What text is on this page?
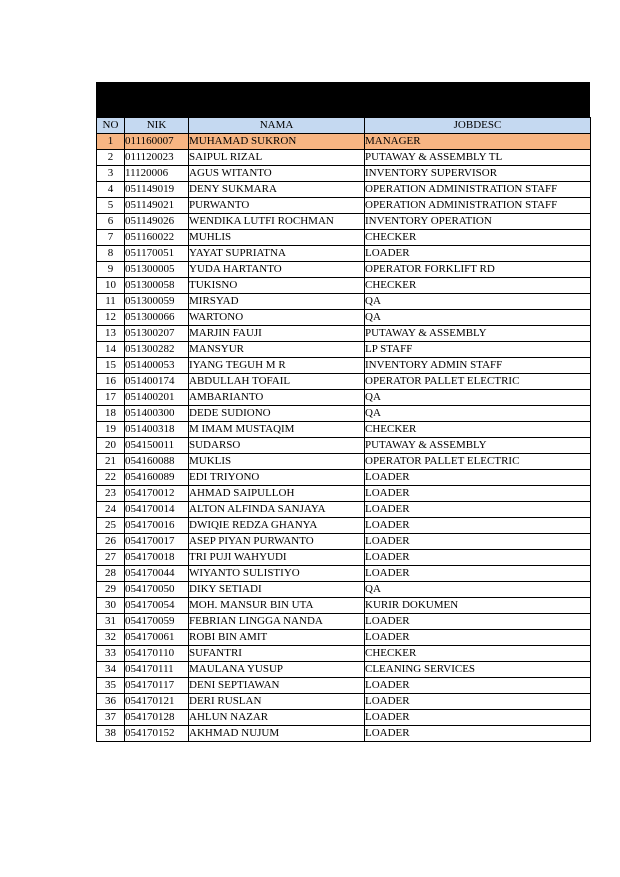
NO	NIK	NAMA	JOBDESC
1	011160007	MUHAMAD SUKRON	MANAGER
2	011120023	SAIPUL RIZAL	PUTAWAY & ASSEMBLY TL
3	11120006	AGUS WITANTO	INVENTORY SUPERVISOR
4	051149019	DENY SUKMARA	OPERATION ADMINISTRATION STAFF
5	051149021	PURWANTO	OPERATION ADMINISTRATION STAFF
6	051149026	WENDIKA LUTFI ROCHMAN	INVENTORY OPERATION
7	051160022	MUHLIS	CHECKER
8	051170051	YAYAT SUPRIATNA	LOADER
9	051300005	YUDA HARTANTO	OPERATOR FORKLIFT RD
10	051300058	TUKISNO	CHECKER
11	051300059	MIRSYAD	QA
12	051300066	WARTONO	QA
13	051300207	MARJIN FAUJI	PUTAWAY & ASSEMBLY
14	051300282	MANSYUR	LP STAFF
15	051400053	IYANG TEGUH M R	INVENTORY ADMIN STAFF
16	051400174	ABDULLAH TOFAIL	OPERATOR PALLET ELECTRIC
17	051400201	AMBARIANTO	QA
18	051400300	DEDE SUDIONO	QA
19	051400318	M IMAM MUSTAQIM	CHECKER
20	054150011	SUDARSO	PUTAWAY & ASSEMBLY
21	054160088	MUKLIS	OPERATOR PALLET ELECTRIC
22	054160089	EDI TRIYONO	LOADER
23	054170012	AHMAD SAIPULLOH	LOADER
24	054170014	ALTON ALFINDA SANJAYA	LOADER
25	054170016	DWIQIE REDZA GHANYA	LOADER
26	054170017	ASEP PIYAN PURWANTO	LOADER
27	054170018	TRI PUJI WAHYUDI	LOADER
28	054170044	WIYANTO SULISTIYO	LOADER
29	054170050	DIKY SETIADI	QA
30	054170054	MOH. MANSUR BIN UTA	KURIR DOKUMEN
31	054170059	FEBRIAN LINGGA NANDA	LOADER
32	054170061	ROBI BIN AMIT	LOADER
33	054170110	SUFANTRI	CHECKER
34	054170111	MAULANA YUSUP	CLEANING SERVICES
35	054170117	DENI SEPTIAWAN	LOADER
36	054170121	DERI RUSLAN	LOADER
37	054170128	AHLUN NAZAR	LOADER
38	054170152	AKHMAD NUJUM	LOADER
